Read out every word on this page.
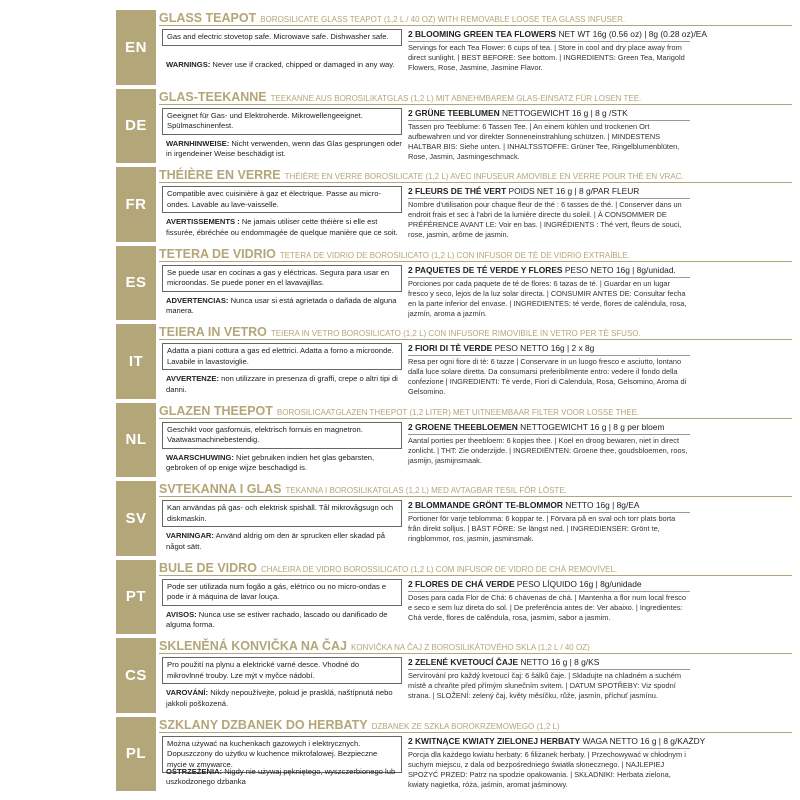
EN
GLASS TEAPOT BOROSILICATE GLASS TEAPOT (1,2 L / 40 OZ) WITH REMOVABLE LOOSE TEA GLASS INFUSER.
Gas and electric stovetop safe. Microwave safe. Dishwasher safe.
WARNINGS: Never use if cracked, chipped or damaged in any way.
2 BLOOMING GREEN TEA FLOWERS NET WT 16g (0.56 oz) | 8g (0.28 oz)/EA
Servings for each Tea Flower: 6 cups of tea. | Store in cool and dry place away from direct sunlight. | BEST BEFORE: See bottom. | INGREDIENTS: Green Tea, Marigold Flowers, Rose, Jasmine, Jasmine Flavor.
DE
GLAS-TEEKANNE TEEKANNE AUS BOROSILIKATGLAS (1,2 L) MIT ABNEHMBAREM GLAS-EINSATZ FÜR LOSEN TEE.
Geeignet für Gas- und Elektroherde. Mikrowellengeeignet. Spülmaschinenfest.
WARNHINWEISE: Nicht verwenden, wenn das Glas gesprungen oder in irgendeiner Weise beschädigt ist.
2 GRÜNE TEEBLUMEN NETTOGEWICHT 16 g | 8 g /STK
Tassen pro Teeblume: 6 Tassen Tee. | An einem kühlen und trockenen Ort aufbewahren und vor direkter Sonneneinstrahlung schützen. | MINDESTENS HALTBAR BIS: Siehe unten. | INHALTSSTOFFE: Grüner Tee, Ringelblumenblüten, Rose, Jasmin, Jasmingeschmack.
FR
THÉIÈRE EN VERRE THÉIÈRE EN VERRE BOROSILICATE (1,2 L) AVEC INFUSEUR AMOVIBLE EN VERRE POUR THÉ EN VRAC.
Compatible avec cuisinière à gaz et électrique. Passe au micro-ondes. Lavable au lave-vaisselle.
AVERTISSEMENTS : Ne jamais utiliser cette théière si elle est fissurée, ébréchée ou endommagée de quelque manière que ce soit.
2 FLEURS DE THÉ VERT POIDS NET 16 g | 8 g/PAR FLEUR
Nombre d'utilisation pour chaque fleur de thé : 6 tasses de thé. | Conserver dans un endroit frais et sec à l'abri de la lumière directe du soleil. | À CONSOMMER DE PRÉFÉRENCE AVANT LE: Voir en bas. | INGRÉDIENTS : Thé vert, fleurs de souci, rose, jasmin, arôme de jasmin.
ES
TETERA DE VIDRIO TETERA DE VIDRIO DE BOROSILICATO (1,2 L) CON INFUSOR DE TÉ DE VIDRIO EXTRAÍBLE.
Se puede usar en cocinas a gas y eléctricas. Segura para usar en microondas. Se puede poner en el lavavajillas.
ADVERTENCIAS: Nunca usar si está agrietada o dañada de alguna manera.
2 PAQUETES DE TÉ VERDE Y FLORES PESO NETO 16g | 8g/unidad.
Porciones por cada paquete de té de flores: 6 tazas de té. | Guardar en un lugar fresco y seco, lejos de la luz solar directa. | CONSUMIR ANTES DE: Consultar fecha en la parte inferior del envase. | INGREDIENTES: té verde, flores de caléndula, rosa, jazmín, aroma a jazmín.
IT
TEIERA IN VETRO TEIERA IN VETRO BOROSILICATO (1,2 L) CON INFUSORE RIMOVIBILE IN VETRO PER TÈ SFUSO.
Adatta a piani cottura a gas ed elettrici. Adatta a forno a microonde. Lavabile in lavastoviglie.
AVVERTENZE: non utilizzare in presenza di graffi, crepe o altri tipi di danni.
2 FIORI DI TÈ VERDE PESO NETTO 16g | 2 x 8g
Resa per ogni fiore di tè: 6 tazze | Conservare in un luogo fresco e asciutto, lontano dalla luce solare diretta. Da consumarsi preferibilmente entro: vedere il fondo della confezione | INGREDIENTI: Tè verde, Fiori di Calendula, Rosa, Gelsomino, Aroma di Gelsomino.
NL
GLAZEN THEEPOT BOROSILICAATGLAZEN THEEPOT (1,2 LITER) MET UITNEEMBAAR FILTER VOOR LOSSE THEE.
Geschikt voor gasfornuis, elektrisch fornuis en magnetron. Vaatwasmachinebestendig.
WAARSCHUWING: Niet gebruiken indien het glas gebarsten, gebroken of op enige wijze beschadigd is.
2 GROENE THEEBLOEMEN NETTOGEWICHT 16 g | 8 g per bloem
Aantal porties per theebloem: 6 kopjes thee. | Koel en droog bewaren, niet in direct zonlicht. | THT: Zie onderzijde. | INGREDIËNTEN: Groene thee, goudsbloemen, roos, jasmijn, jasmijnsmaak.
SV
SVTEKANNA I GLAS TEKANNA I BOROSILIKATGLAS (1,2 L) MED AVTAGBAR TESIL FÖR LÖSTE.
Kan användas på gas- och elektrisk spishäll. Tål mikrovågsugn och diskmaskin.
VARNINGAR: Använd aldrig om den är sprucken eller skadad på något sätt.
2 BLOMMANDE GRÖNT TE-BLOMMOR NETTO 16g | 8g/EA
Portioner för varje teblomma: 6 koppar te. | Förvara på en sval och torr plats borta från direkt solljus. | BÄST FÖRE: Se längst ned. | INGREDIENSER: Grönt te, ringblommor, ros, jasmin, jasminsmak.
PT
BULE DE VIDRO CHALEIRA DE VIDRO BOROSSILICATO (1,2 L) COM INFUSOR DE VIDRO DE CHÁ REMOVÍVEL.
Pode ser utilizada num fogão a gás, elétrico ou no micro-ondas e pode ir à máquina de lavar louça.
AVISOS: Nunca use se estiver rachado, lascado ou danificado de alguma forma.
2 FLORES DE CHÁ VERDE PESO LÍQUIDO 16g | 8g/unidade
Doses para cada Flor de Chá: 6 chávenas de chá. | Mantenha a flor num local fresco e seco e sem luz direta do sol. | De preferência antes de: Ver abaixo. | Ingredientes: Chá verde, flores de calêndula, rosa, jasmim, sabor a jasmim.
CS
SKLENĚNÁ KONVIČKA NA ČAJ KONVIČKA NA ČAJ Z BOROSILIKÁTOVÉHO SKLA (1,2 L / 40 OZ)
Pro použití na plynu a elektrické varné desce. Vhodné do mikrovlnné trouby. Lze mýt v myčce nádobí.
VAROVÁNÍ: Nikdy nepoužívejte, pokud je prasklá, naštípnutá nebo jakkoli poškozená.
2 ZELENÉ KVETOUCÍ ČAJE NETTO 16 g | 8 g/KS
Servírování pro každý kvetoucí čaj: 6 šálků čaje. | Skladujte na chladném a suchém místě a chraňte před přímým slunečním svitem. | DATUM SPOTŘEBY: Viz spodní strana. | SLOŽENÍ: zelený čaj, květy měsíčku, růže, jasmín, příchuť jasmínu.
PL
SZKLANY DZBANEK DO HERBATY DZBANEK ZE SZKŁA BOROKRZEMOWEGO (1,2 L)
Można używać na kuchenkach gazowych i elektrycznych. Dopuszczony do użytku w kuchence mikrofalowej. Bezpieczne mycie w zmywarce.
OSTRZEŻENIA: Nigdy nie używaj pękniętego, wyszczerbionego lub uszkodzonego dzbanka
2 KWITNĄCE KWIATY ZIELONEJ HERBATY WAGA NETTO 16 g | 8 g/KAŻDY
Porcja dla każdego kwiatu herbaty: 6 filiżanek herbaty. | Przechowywać w chłodnym i suchym miejscu, z dala od bezpośredniego światła słonecznego. | NAJLEPIEJ SPOŻYĆ PRZED: Patrz na spodzie opakowania. | SKŁADNIKI: Herbata zielona, kwiaty nagietka, róża, jaśmin, aromat jaśminowy.
